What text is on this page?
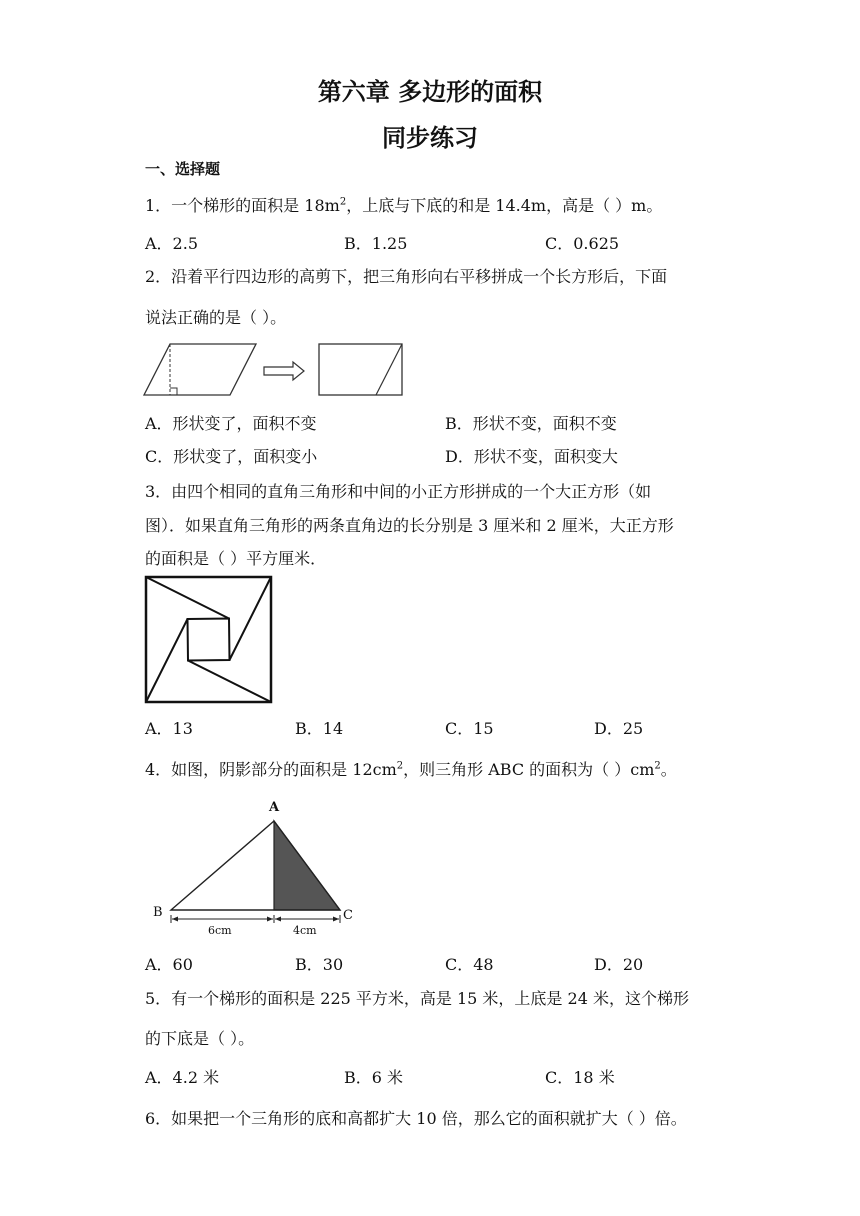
第六章 多边形的面积
同步练习
一、选择题
1．一个梯形的面积是 $18m^2$，上底与下底的和是 14.4m，高是（ ）m。
A．2.5	B．1.25	C．0.625
2．沿着平行四边形的高剪下，把三角形向右平移拼成一个长方形后，下面
说法正确的是（ ）。
A．形状变了，面积不变	B．形状不变，面积不变
C．形状变了，面积变小	D．形状不变，面积变大
3．由四个相同的直角三角形和中间的小正方形拼成的一个大正方形（如
图）．如果直角三角形的两条直角边的长分别是 3 厘米和 2 厘米，大正方形
的面积是（ ）平方厘米．
A．13	B．14	C．15	D．25
4．如图，阴影部分的面积是 $12cm^2$，则三角形 ABC 的面积为（ ）$cm^2$。
A
B	C
6cm	4cm
A．60	B．30	C．48	D．20
5．有一个梯形的面积是 225 平方米，高是 15 米，上底是 24 米，这个梯形
的下底是（ ）。
A．4.2 米	B．6 米	C．18 米
6．如果把一个三角形的底和高都扩大 10 倍，那么它的面积就扩大（ ）倍。
